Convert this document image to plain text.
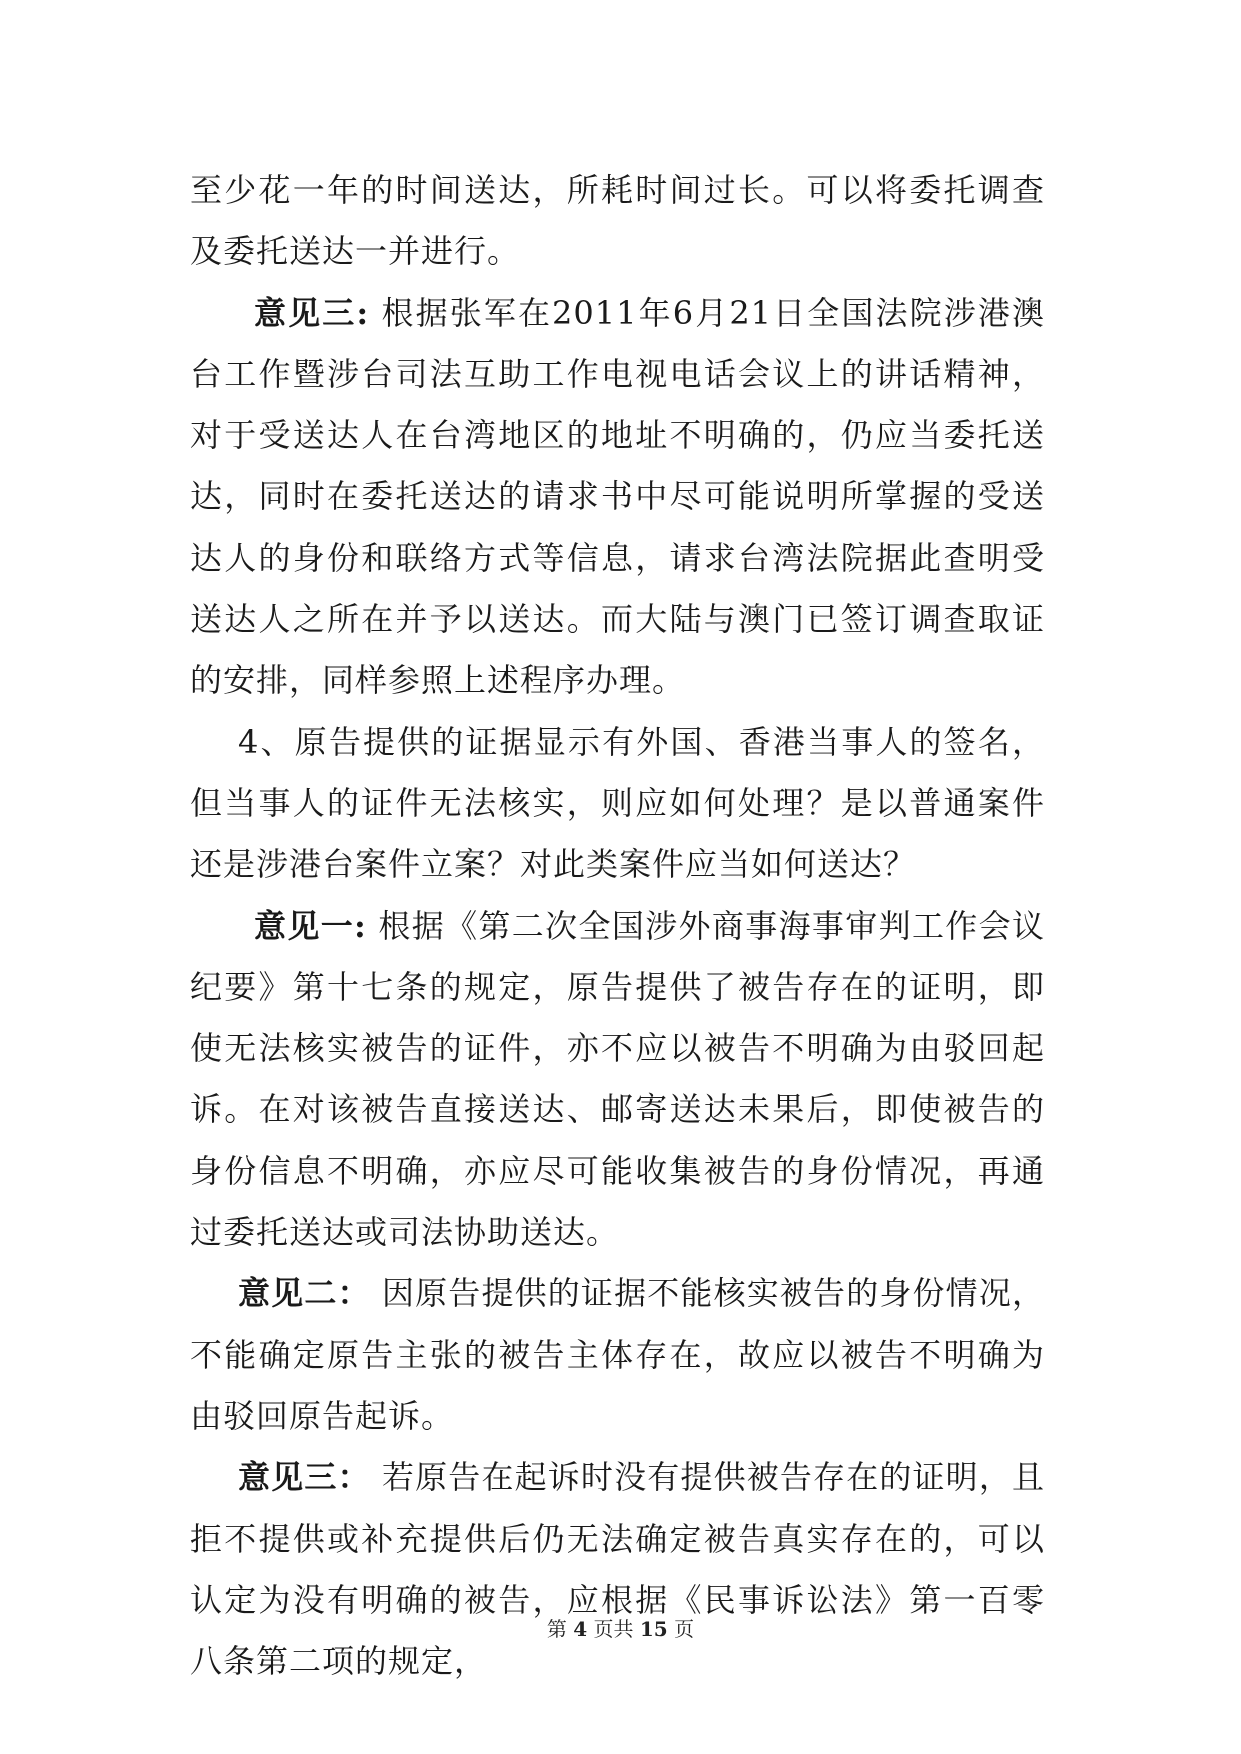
至少花一年的时间送达，所耗时间过长。可以将委托调查及委托送达一并进行。

意见三: 根据张军在2011年6月21日全国法院涉港澳台工作暨涉台司法互助工作电视电话会议上的讲话精神，对于受送达人在台湾地区的地址不明确的，仍应当委托送达，同时在委托送达的请求书中尽可能说明所掌握的受送达人的身份和联络方式等信息，请求台湾法院据此查明受送达人之所在并予以送达。而大陆与澳门已签订调查取证的安排，同样参照上述程序办理。

4、原告提供的证据显示有外国、香港当事人的签名，但当事人的证件无法核实，则应如何处理？是以普通案件还是涉港台案件立案？对此类案件应当如何送达？

意见一: 根据《第二次全国涉外商事海事审判工作会议纪要》第十七条的规定，原告提供了被告存在的证明，即使无法核实被告的证件，亦不应以被告不明确为由驳回起诉。在对该被告直接送达、邮寄送达未果后，即使被告的身份信息不明确，亦应尽可能收集被告的身份情况，再通过委托送达或司法协助送达。

意见二： 因原告提供的证据不能核实被告的身份情况，不能确定原告主张的被告主体存在，故应以被告不明确为由驳回原告起诉。

意见三： 若原告在起诉时没有提供被告存在的证明，且拒不提供或补充提供后仍无法确定被告真实存在的，可以认定为没有明确的被告，应根据《民事诉讼法》第一百零八条第二项的规定，

第 4 页共 15 页
